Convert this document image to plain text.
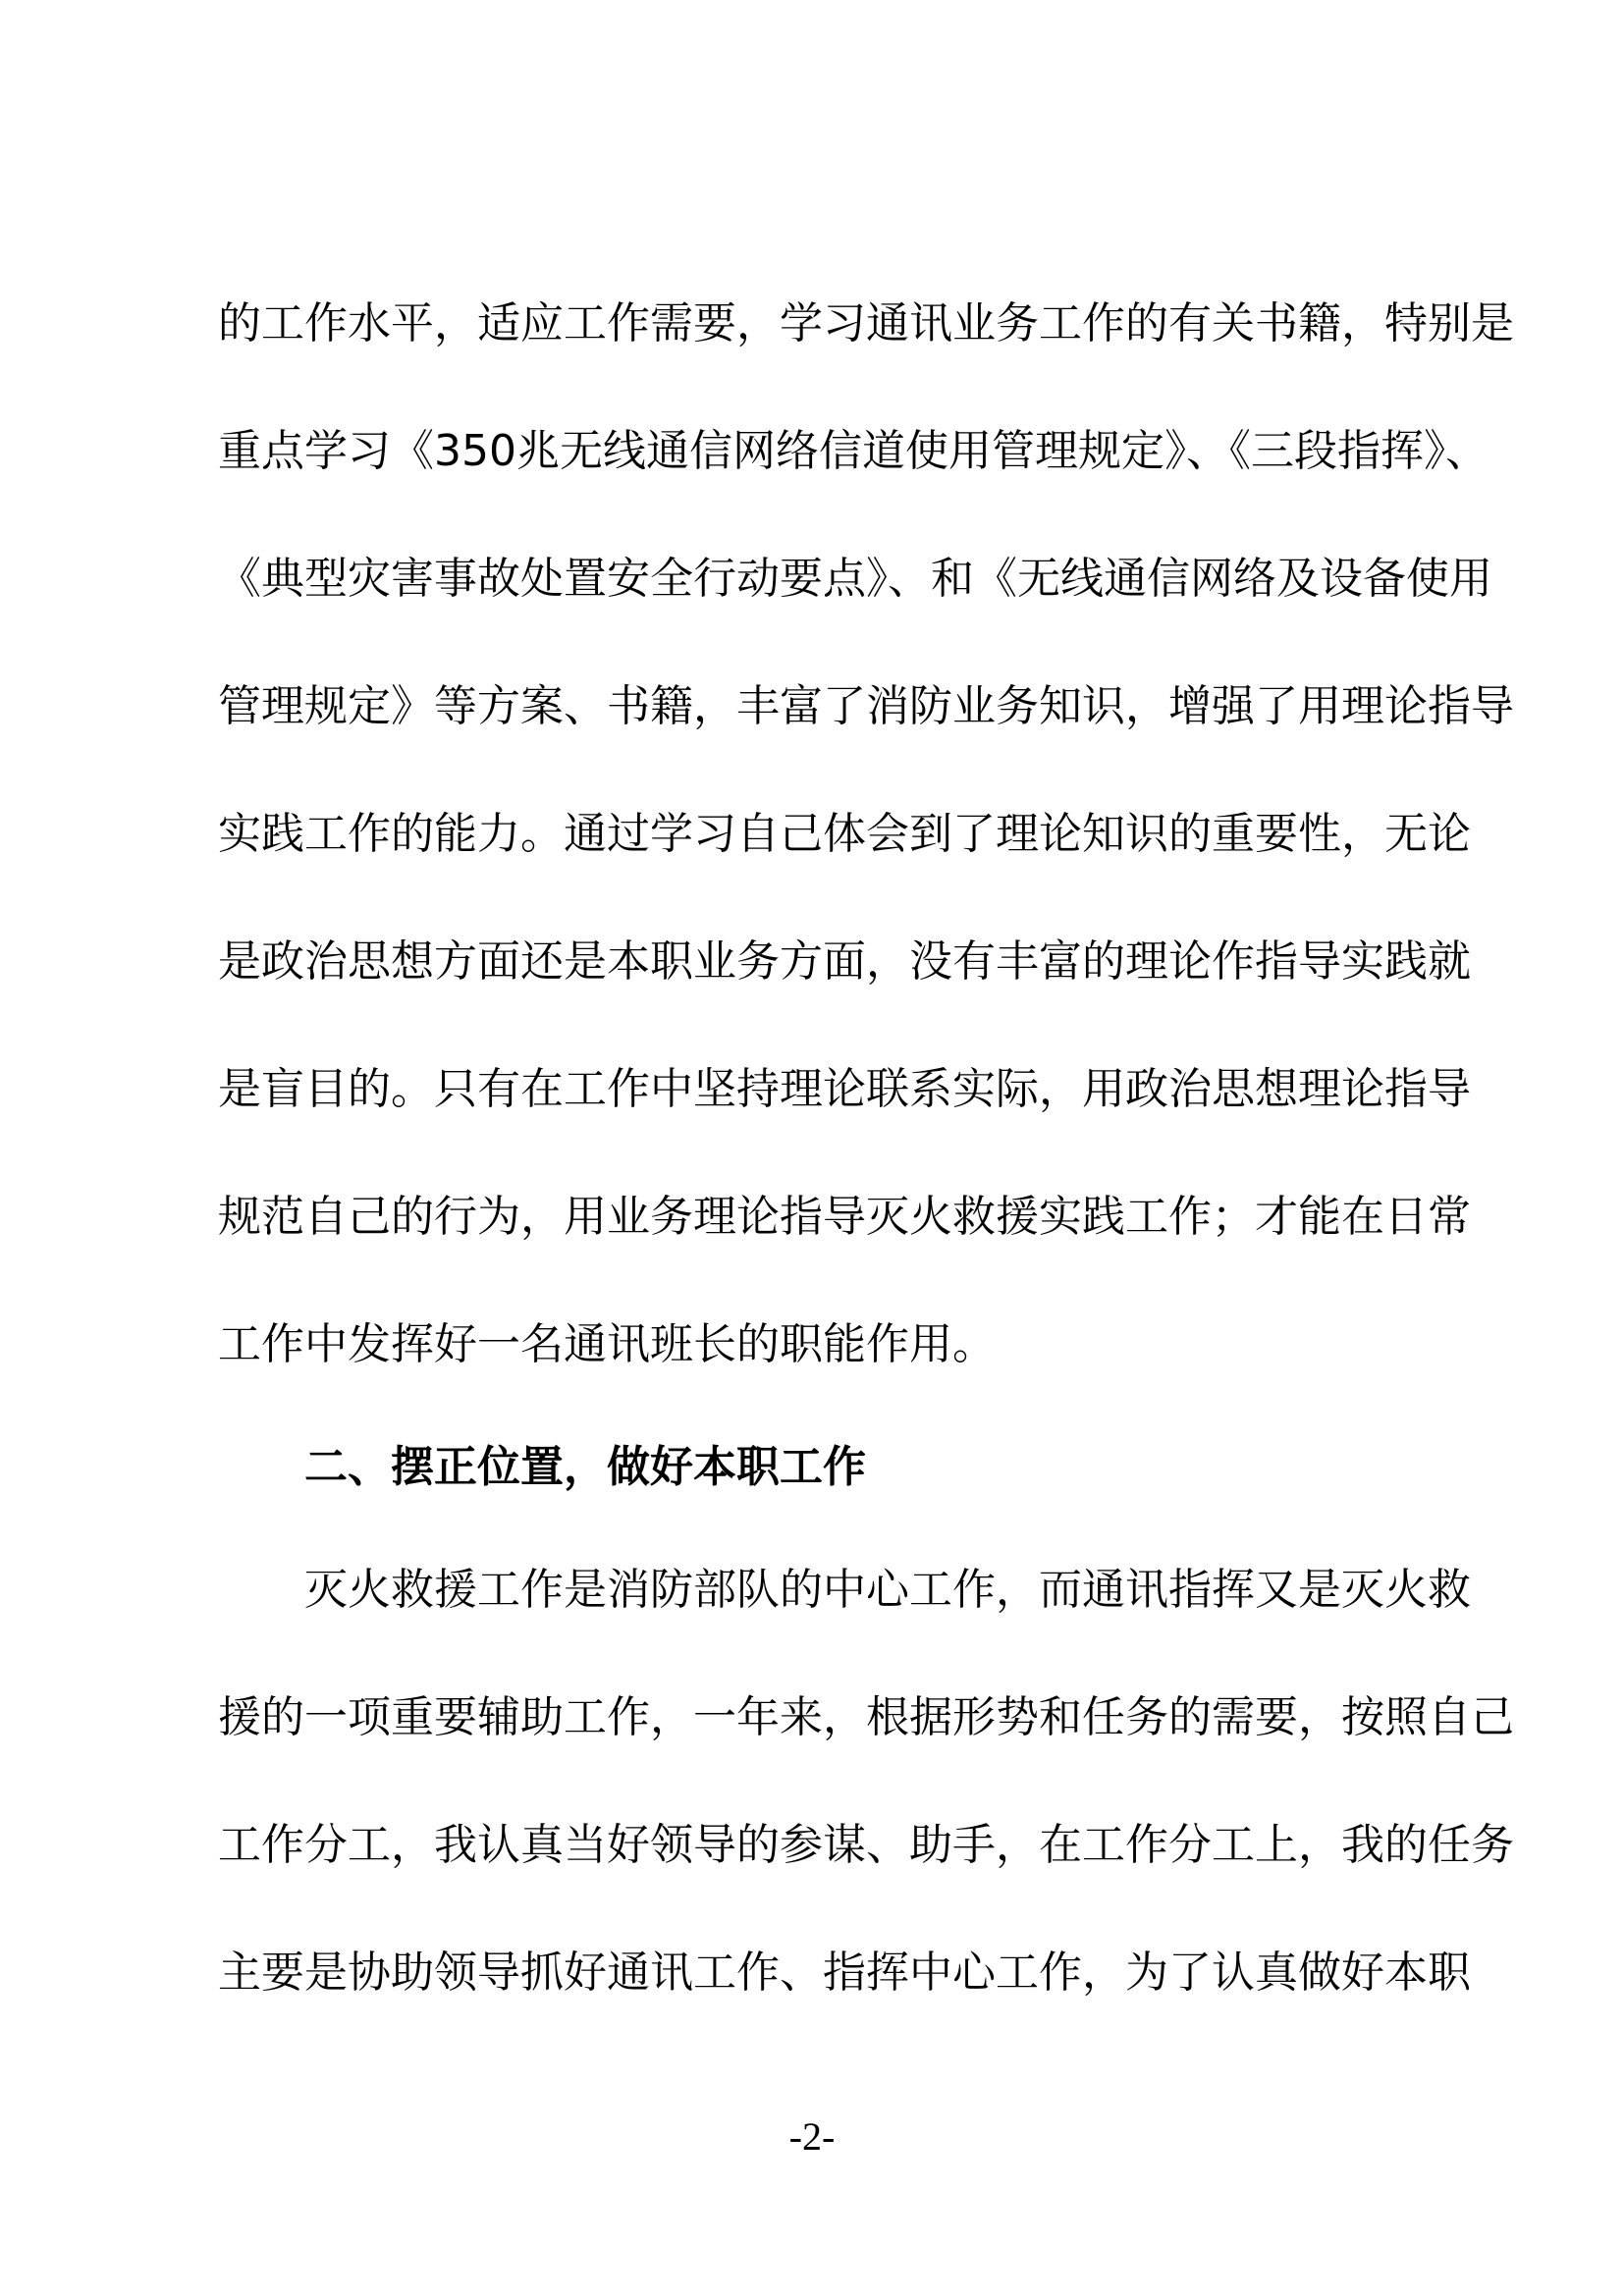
的工作水平，适应工作需要，学习通讯业务工作的有关书籍，特别是
重点学习《350兆无线通信网络信道使用管理规定》、《三段指挥》、
《典型灾害事故处置安全行动要点》、和《无线通信网络及设备使用
管理规定》等方案、书籍，丰富了消防业务知识，增强了用理论指导
实践工作的能力。通过学习自己体会到了理论知识的重要性，无论
是政治思想方面还是本职业务方面，没有丰富的理论作指导实践就
是盲目的。只有在工作中坚持理论联系实际，用政治思想理论指导
规范自己的行为，用业务理论指导灭火救援实践工作；才能在日常
工作中发挥好一名通讯班长的职能作用。
二、摆正位置，做好本职工作
灭火救援工作是消防部队的中心工作，而通讯指挥又是灭火救
援的一项重要辅助工作，一年来，根据形势和任务的需要，按照自己
工作分工，我认真当好领导的参谋、助手，在工作分工上，我的任务
主要是协助领导抓好通讯工作、指挥中心工作，为了认真做好本职
-2-
